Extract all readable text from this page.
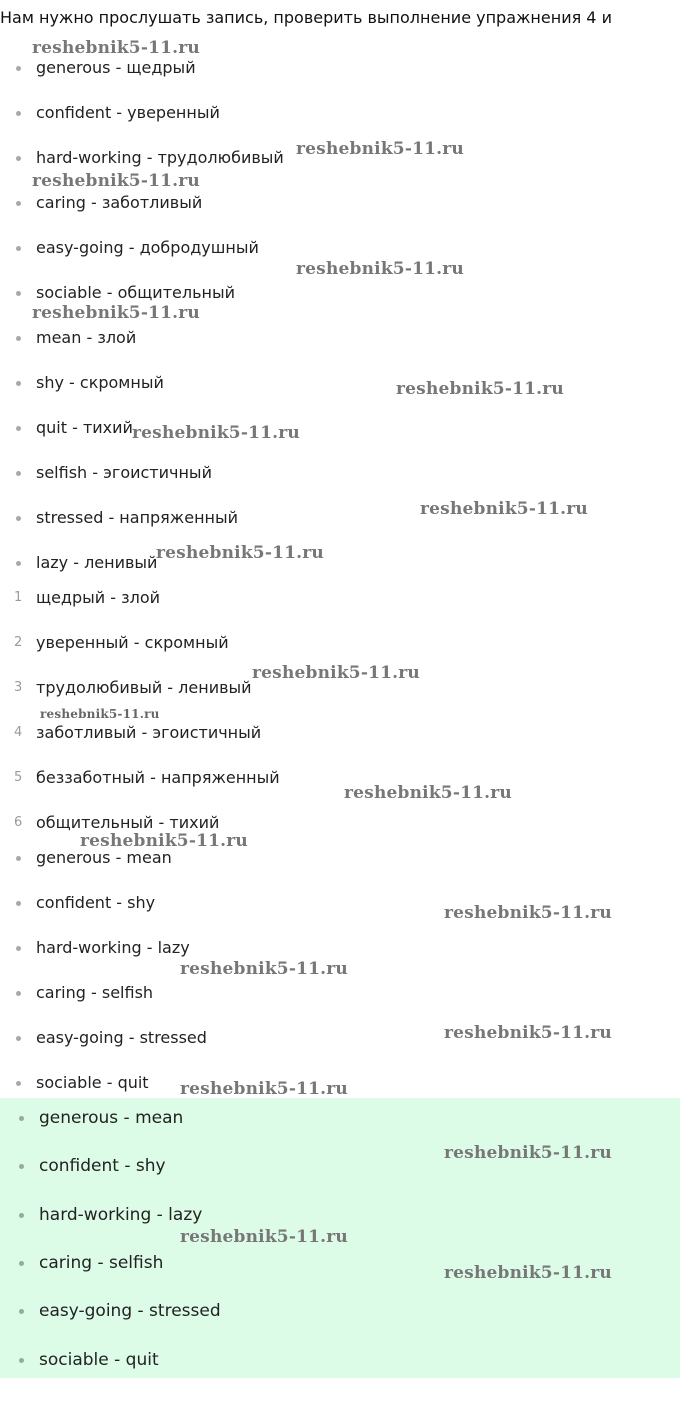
Нам нужно прослушать запись, проверить выполнение упражнения 4 и
generous - щедрый
confident - уверенный
hard-working - трудолюбивый
caring - заботливый
easy-going - добродушный
sociable - общительный
mean - злой
shy - скромный
quit - тихий
selfish - эгоистичный
stressed - напряженный
lazy - ленивый
1 щедрый - злой
2 уверенный - скромный
3 трудолюбивый - ленивый
4 заботливый - эгоистичный
5 беззаботный - напряженный
6 общительный - тихий
generous - mean
confident - shy
hard-working - lazy
caring - selfish
easy-going - stressed
sociable - quit
generous - mean
confident - shy
hard-working - lazy
caring - selfish
easy-going - stressed
sociable - quit
reshebnik5-11.ru
reshebnik5-11.ru
reshebnik5-11.ru
reshebnik5-11.ru
reshebnik5-11.ru
reshebnik5-11.ru
reshebnik5-11.ru
reshebnik5-11.ru
reshebnik5-11.ru
reshebnik5-11.ru
reshebnik5-11.ru
reshebnik5-11.ru
reshebnik5-11.ru
reshebnik5-11.ru
reshebnik5-11.ru
reshebnik5-11.ru
reshebnik5-11.ru
reshebnik5-11.ru
reshebnik5-11.ru
reshebnik5-11.ru
